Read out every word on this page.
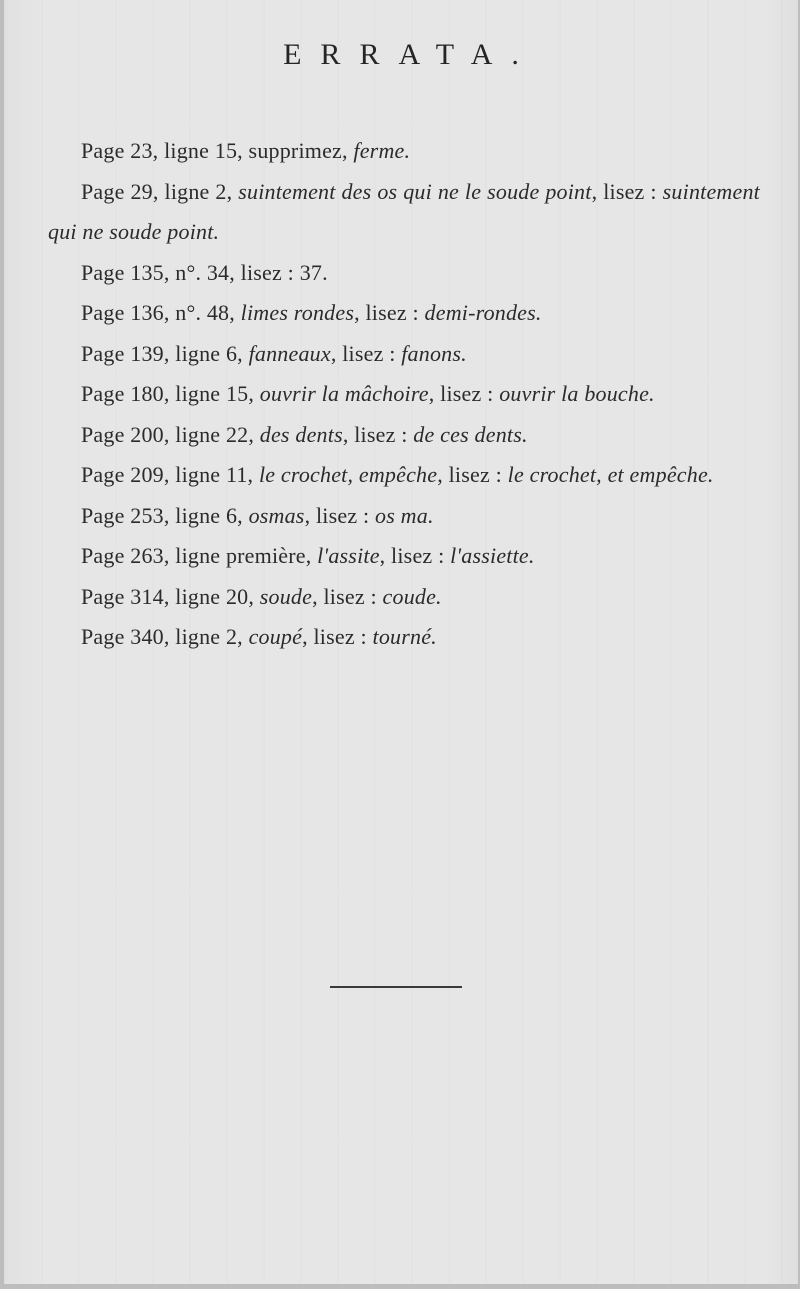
ERRATA.

Page 23, ligne 15, supprimez, ferme.

Page 29, ligne 2, suintement des os qui ne le soude point, lisez : suintement qui ne soude point.

Page 135, n°. 34, lisez : 37.

Page 136, n°. 48, limes rondes, lisez : demi-rondes.

Page 139, ligne 6, fanneaux, lisez : fanons.

Page 180, ligne 15, ouvrir la mâchoire, lisez : ouvrir la bouche.

Page 200, ligne 22, des dents, lisez : de ces dents.

Page 209, ligne 11, le crochet, empêche, lisez : le crochet, et empêche.

Page 253, ligne 6, osmas, lisez : os ma.

Page 263, ligne première, l'assite, lisez : l'assiette.

Page 314, ligne 20, soude, lisez : coude.

Page 340, ligne 2, coupé, lisez : tourné.
